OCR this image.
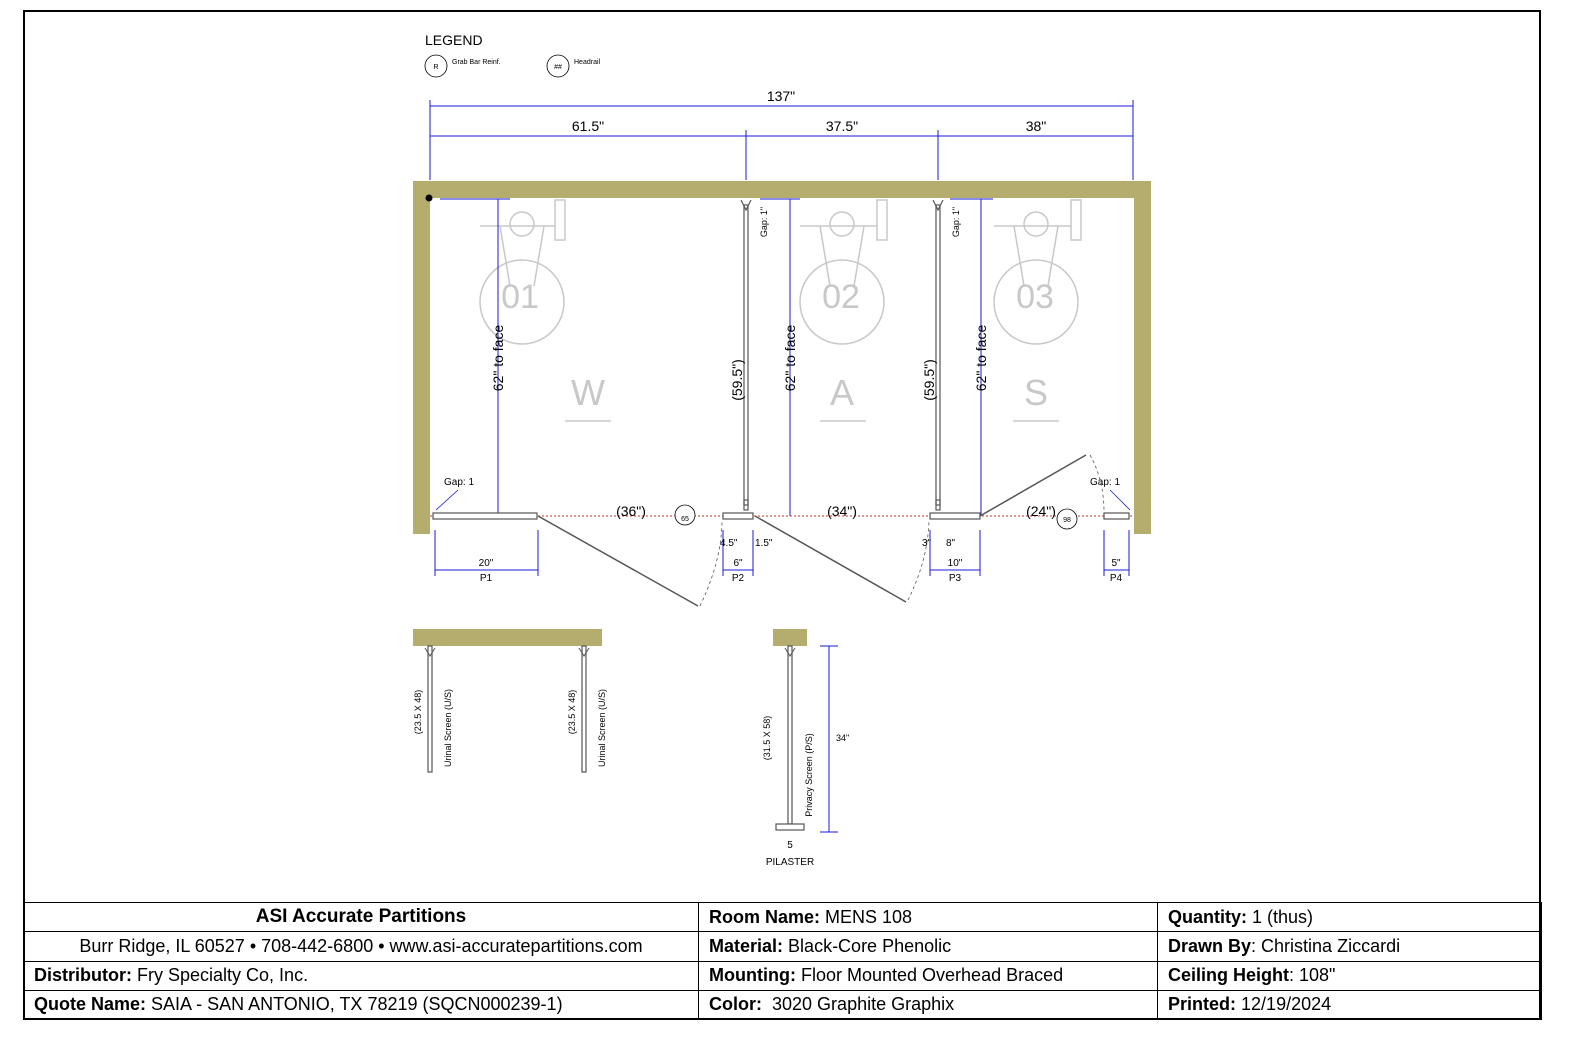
LEGEND
R
Grab Bar Reinf.
##
Headrail
137"
61.5"	37.5"	38"
01	02	03
W	A	S
62" to face	62" to face	62" to face
(59.5")	(59.5")
Gap: 1"	Gap: 1"
Gap: 1	Gap: 1
(36")	(34")	(24")
65	98
20"
P1
6"
P2
4.5" 1.5"
10"
P3
3" 8"
5"
P4
(23.5 X 48) Urinal Screen (U/S)	(23.5 X 48) Urinal Screen (U/S)	(31.5 X 58)	Privacy Screen (P/S) 34"
5
PILASTER
ASI Accurate Partitions	Room Name: MENS 108	Quantity: 1 (thus)
Burr Ridge, IL 60527 • 708-442-6800 • www.asi-accuratepartitions.com	Material: Black-Core Phenolic	Drawn By: Christina Ziccardi
Distributor: Fry Specialty Co, Inc.	Mounting: Floor Mounted Overhead Braced	Ceiling Height: 108"
Quote Name: SAIA - SAN ANTONIO, TX 78219 (SQCN000239-1)	Color: 3020 Graphite Graphix	Printed: 12/19/2024
